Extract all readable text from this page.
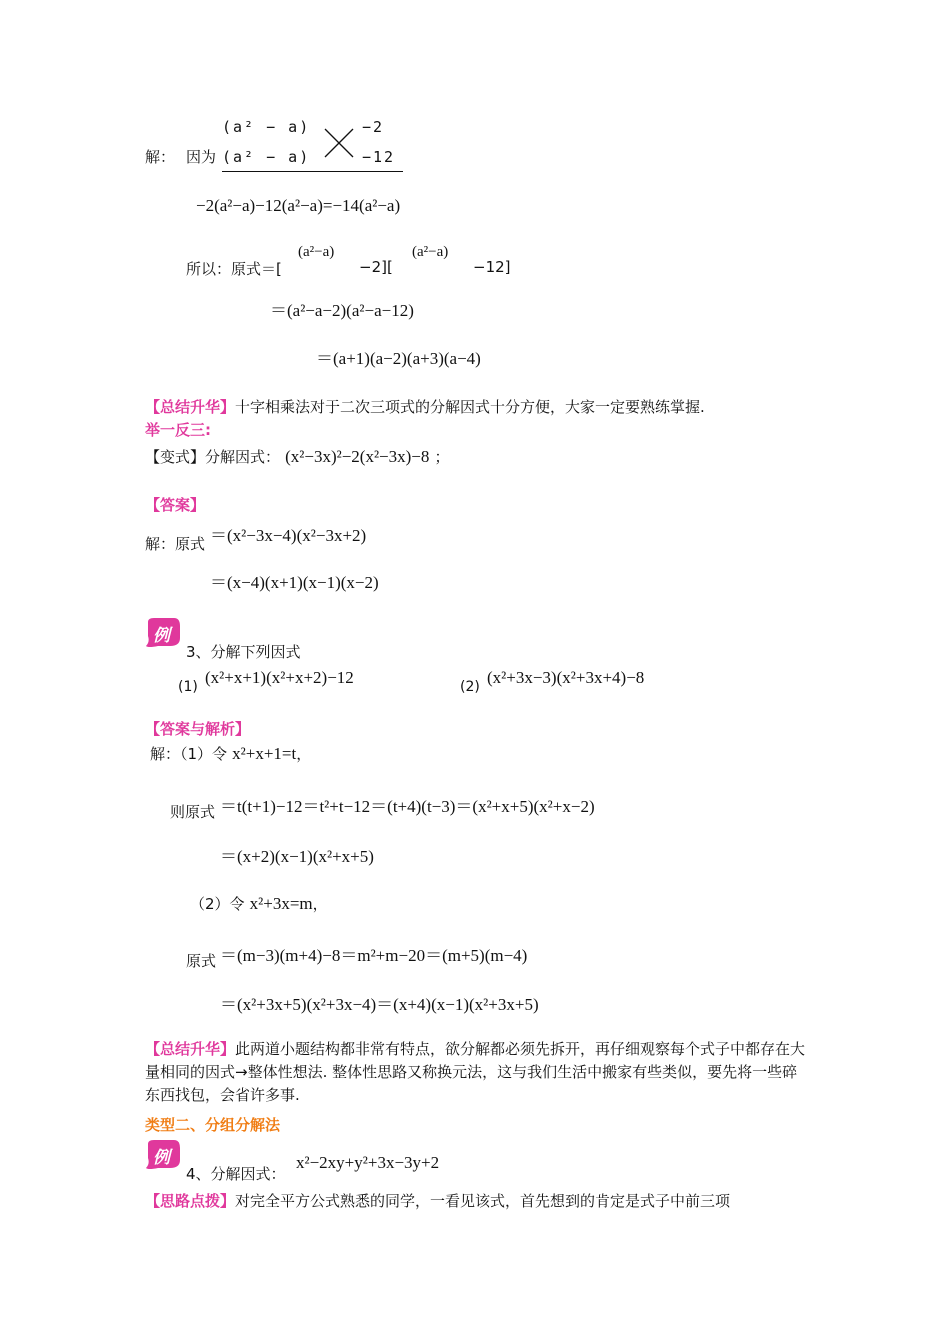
解： 因为
(a² − a)
(a² − a)
−2
−12
−2(a²−a)−12(a²−a)=−14(a²−a)
所以：原式＝[
(a²−a)
−2][
(a²−a)
−12]
＝(a²−a−2)(a²−a−12)
＝(a+1)(a−2)(a+3)(a−4)
【总结升华】十字相乘法对于二次三项式的分解因式十分方便，大家一定要熟练掌握.
举一反三:
【变式】分解因式： (x²−3x)²−2(x²−3x)−8 ；
【答案】
解：原式 ＝(x²−3x−4)(x²−3x+2)
＝(x−4)(x+1)(x−1)(x−2)
例
3、分解下列因式
(1) (x²+x+1)(x²+x+2)−12	(2) (x²+3x−3)(x²+3x+4)−8
【答案与解析】
解：（1）令 x²+x+1=t，
则原式 ＝t(t+1)−12＝t²+t−12＝(t+4)(t−3)＝(x²+x+5)(x²+x−2)
＝(x+2)(x−1)(x²+x+5)
（2）令 x²+3x=m，
原式 ＝(m−3)(m+4)−8＝m²+m−20＝(m+5)(m−4)
＝(x²+3x+5)(x²+3x−4)＝(x+4)(x−1)(x²+3x+5)
【总结升华】此两道小题结构都非常有特点，欲分解都必须先拆开，再仔细观察每个式子中都存在大量相同的因式→整体性想法. 整体性思路又称换元法，这与我们生活中搬家有些类似，要先将一些碎东西找包，会省许多事.
类型二、分组分解法
例
4、分解因式：
x²−2xy+y²+3x−3y+2
【思路点拨】对完全平方公式熟悉的同学，一看见该式，首先想到的肯定是式子中前三项
